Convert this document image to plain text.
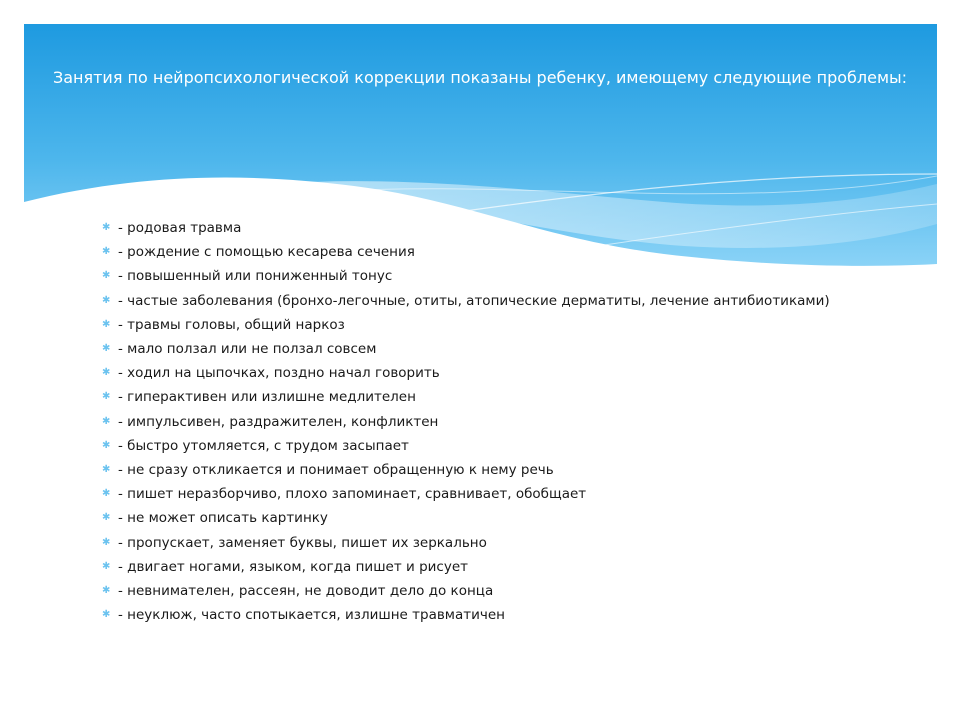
Занятия по нейропсихологической коррекции показаны ребенку, имеющему следующие проблемы:
✱ - родовая травма
✱ - рождение с помощью кесарева сечения
✱ - повышенный или пониженный тонус
✱ - частые заболевания (бронхо-легочные, отиты, атопические дерматиты, лечение антибиотиками)
✱ - травмы головы, общий наркоз
✱ - мало ползал или не ползал совсем
✱ - ходил на цыпочках, поздно начал говорить
✱ - гиперактивен или излишне медлителен
✱ - импульсивен, раздражителен, конфликтен
✱ - быстро утомляется, с трудом засыпает
✱ - не сразу откликается и понимает обращенную к нему речь
✱ - пишет неразборчиво, плохо запоминает, сравнивает, обобщает
✱ - не может описать картинку
✱ - пропускает, заменяет буквы, пишет их зеркально
✱ - двигает ногами, языком, когда пишет и рисует
✱ - невнимателен, рассеян, не доводит дело до конца
✱ - неуклюж, часто спотыкается, излишне травматичен
